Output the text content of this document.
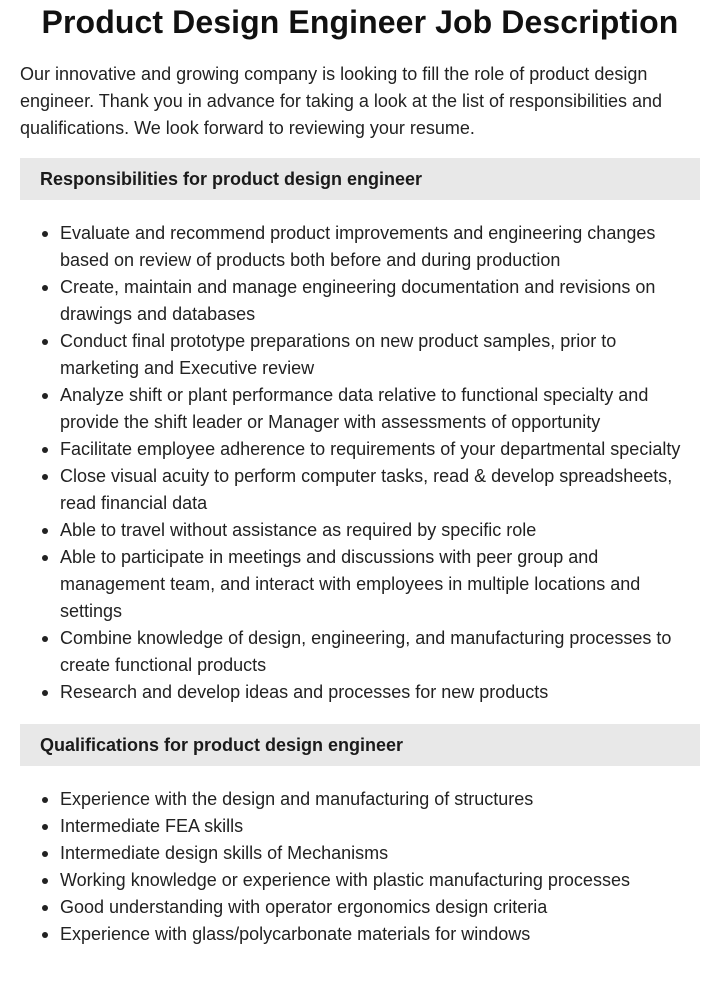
Product Design Engineer Job Description

Our innovative and growing company is looking to fill the role of product design engineer. Thank you in advance for taking a look at the list of responsibilities and qualifications. We look forward to reviewing your resume.

Responsibilities for product design engineer
Evaluate and recommend product improvements and engineering changes based on review of products both before and during production
Create, maintain and manage engineering documentation and revisions on drawings and databases
Conduct final prototype preparations on new product samples, prior to marketing and Executive review
Analyze shift or plant performance data relative to functional specialty and provide the shift leader or Manager with assessments of opportunity
Facilitate employee adherence to requirements of your departmental specialty
Close visual acuity to perform computer tasks, read & develop spreadsheets, read financial data
Able to travel without assistance as required by specific role
Able to participate in meetings and discussions with peer group and management team, and interact with employees in multiple locations and settings
Combine knowledge of design, engineering, and manufacturing processes to create functional products
Research and develop ideas and processes for new products
Qualifications for product design engineer
Experience with the design and manufacturing of structures
Intermediate FEA skills
Intermediate design skills of Mechanisms
Working knowledge or experience with plastic manufacturing processes
Good understanding with operator ergonomics design criteria
Experience with glass/polycarbonate materials for windows
